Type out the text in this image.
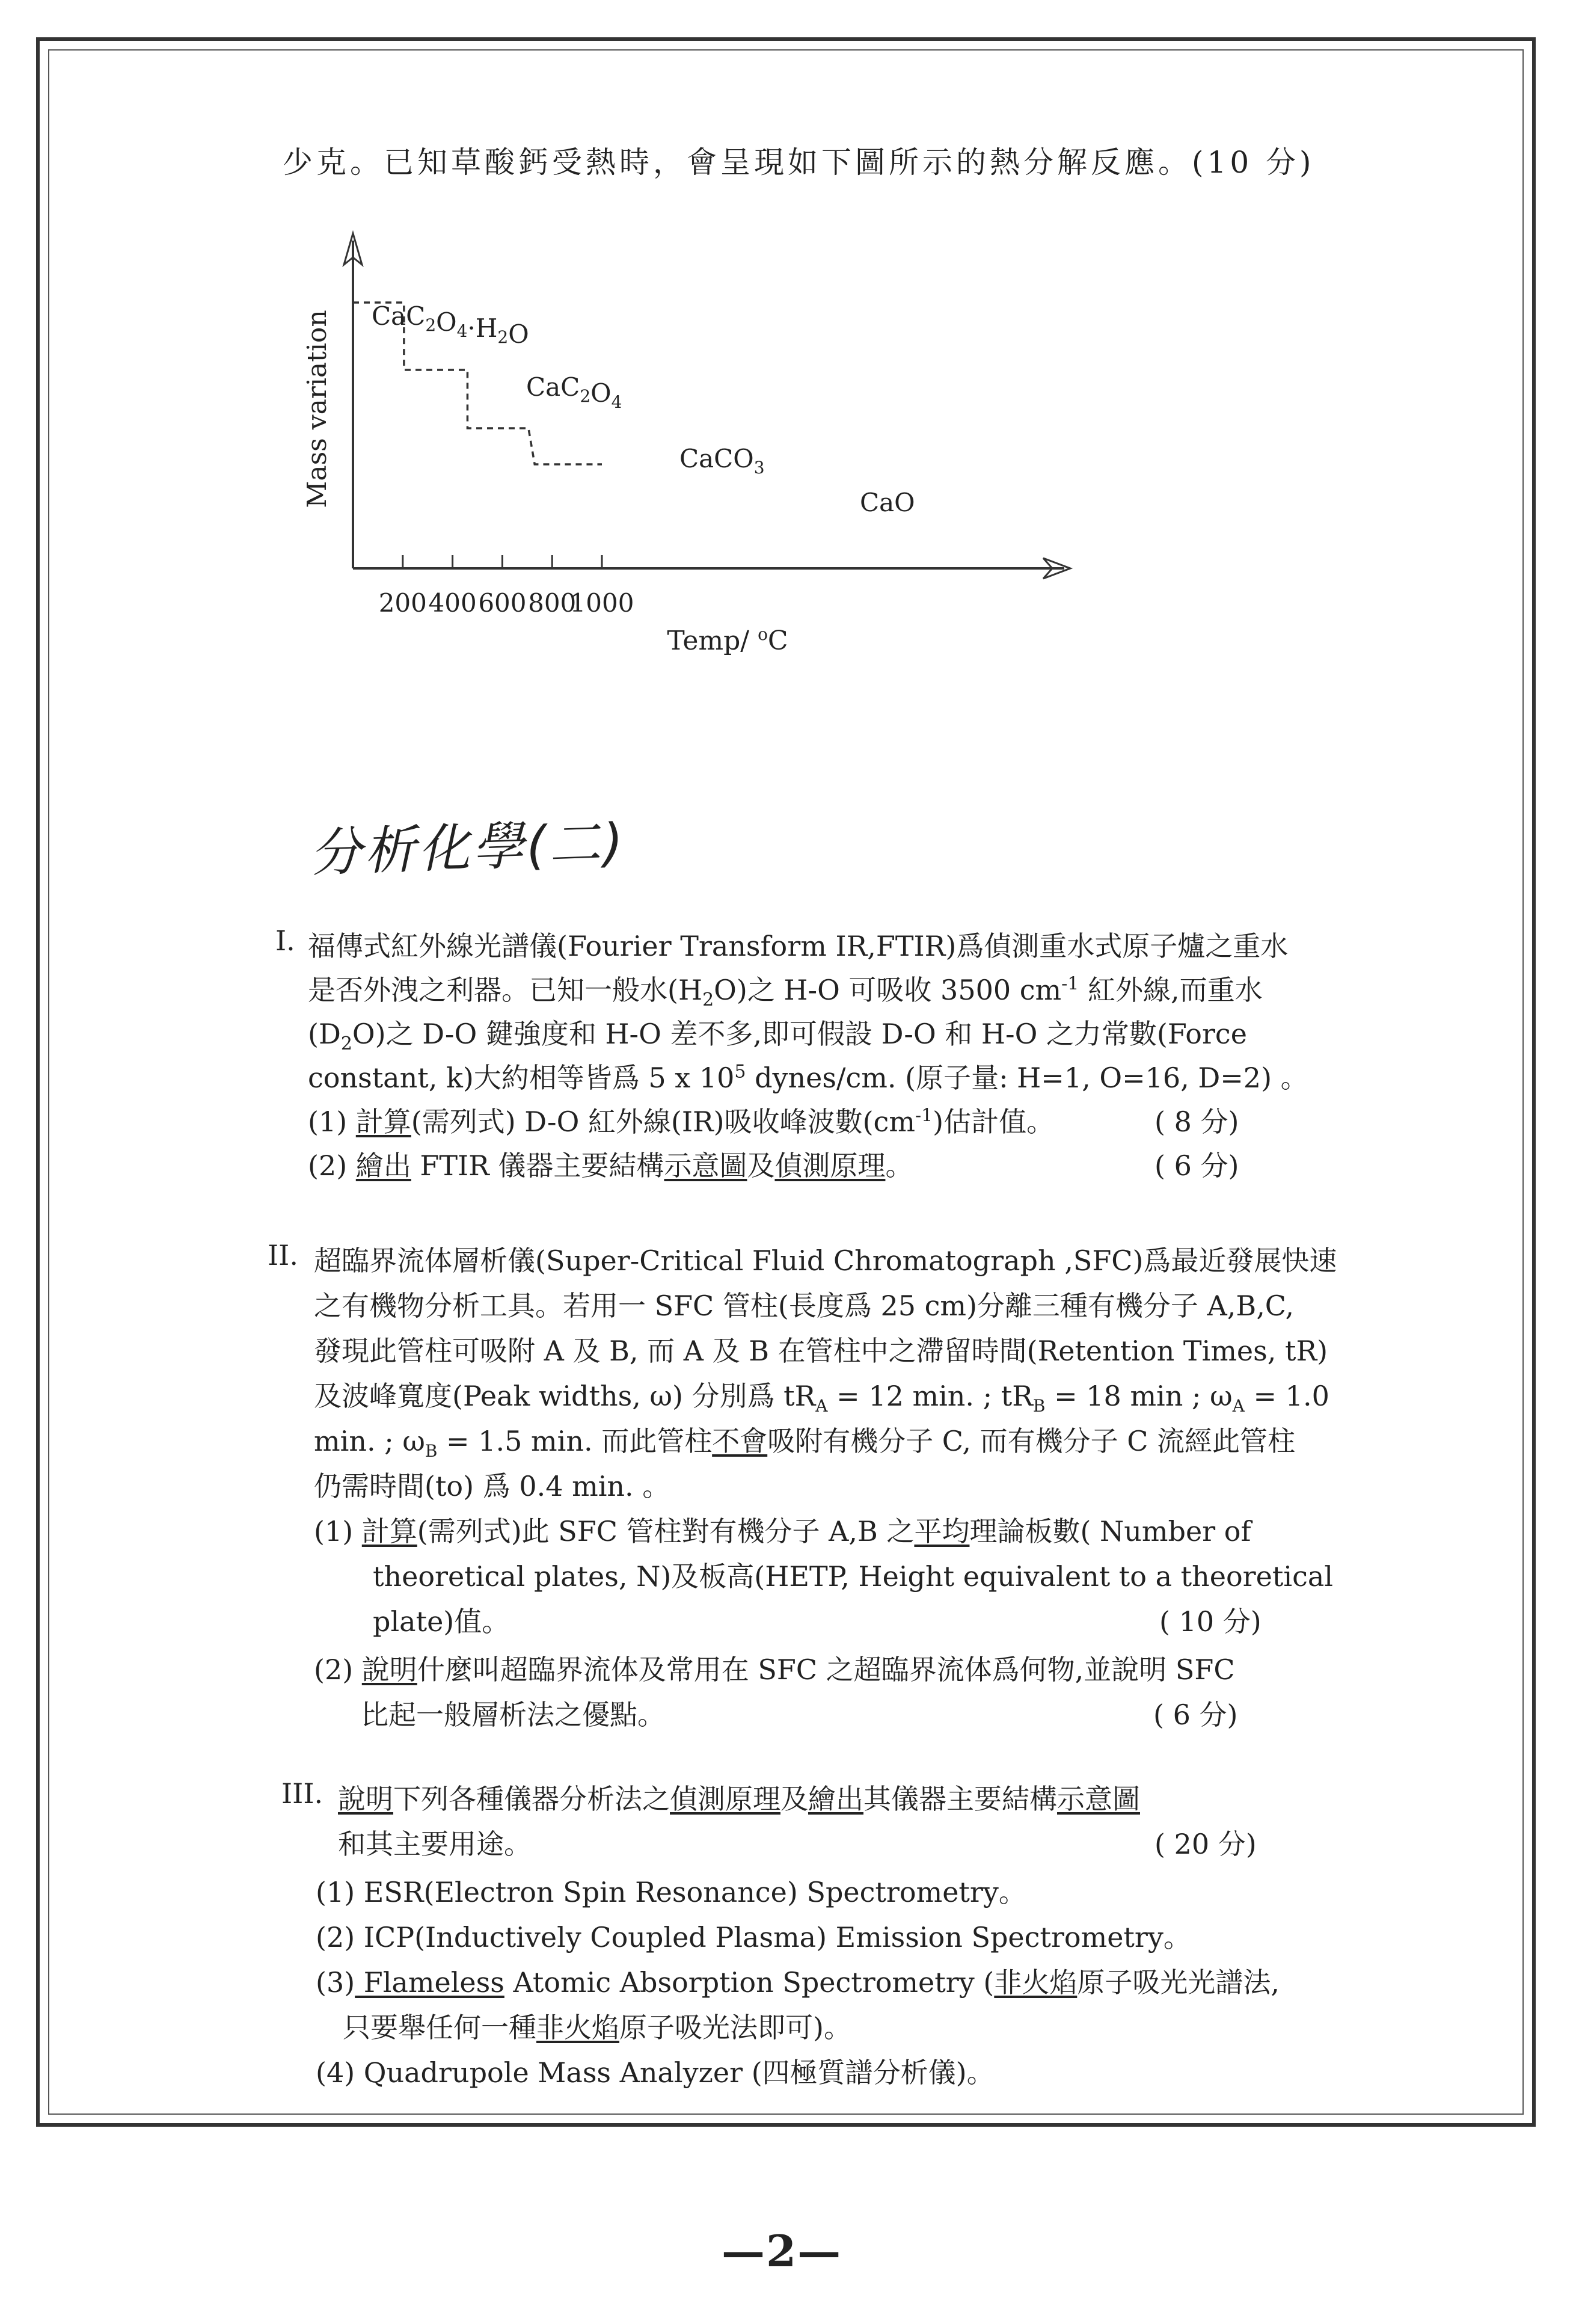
少克。已知草酸鈣受熱時，會呈現如下圖所示的熱分解反應。(10 分)
200 400 600 800
1000
$CaC_2O_4\cdot H_2O$
$CaC_2O_4$
CaCO$_3$
CaO
Mass variation
Temp/ $^o$C
分析化學(二)
I. 福傳式紅外線光譜儀(Fourier Transform IR,FTIR)爲偵測重水式原子爐之重水
是否外洩之利器。已知一般水$(H_2O)$之 H-O 可吸收 3500 $cm^{-1}$ 紅外線,而重水
$(D_2O)$之 D-O 鍵強度和 H-O 差不多,即可假設 D-O 和 H-O 之力常數(Force
constant, k)大約相等皆爲 5 x $10^5$ dynes/cm. (原子量: H=1, O=16, D=2) 。
(1) 計算(需列式) D-O 紅外線(IR)吸收峰波數$(cm^{-1})$估計值。	( 8 分)
(2) 繪出 FTIR 儀器主要結構示意圖及偵測原理。	( 6 分)
II. 超臨界流体層析儀(Super-Critical Fluid Chromatograph ,SFC)爲最近發展快速
之有機物分析工具。若用一 SFC 管柱(長度爲 25 cm)分離三種有機分子 A,B,C,
發現此管柱可吸附 A 及 B, 而 A 及 B 在管柱中之滯留時間(Retention Times, tR)
及波峰寬度(Peak widths, ω) 分別爲 $tR_A = 12$ min. ; $tR_B = 18$ min ; $\omega_A = 1.0$
min. ; $\omega_B = 1.5$ min. 而此管柱不會吸附有機分子 C, 而有機分子 C 流經此管柱
仍需時間(to) 爲 0.4 min. 。
(1) 計算(需列式)此 SFC 管柱對有機分子 A,B 之平均理論板數( Number of
theoretical plates, N)及板高(HETP, Height equivalent to a theoretical
plate)值。	( 10 分)
(2) 說明什麼叫超臨界流体及常用在 SFC 之超臨界流体爲何物,並說明 SFC
比起一般層析法之優點。	( 6 分)
III. 說明下列各種儀器分析法之偵測原理及繪出其儀器主要結構示意圖
和其主要用途。	( 20 分)
(1) ESR(Electron Spin Resonance) Spectrometry。
(2) ICP(Inductively Coupled Plasma) Emission Spectrometry。
(3) Flameless Atomic Absorption Spectrometry (非火焰原子吸光光譜法,
只要舉任何一種非火焰原子吸光法即可)。
(4) Quadrupole Mass Analyzer (四極質譜分析儀)。
—2—
